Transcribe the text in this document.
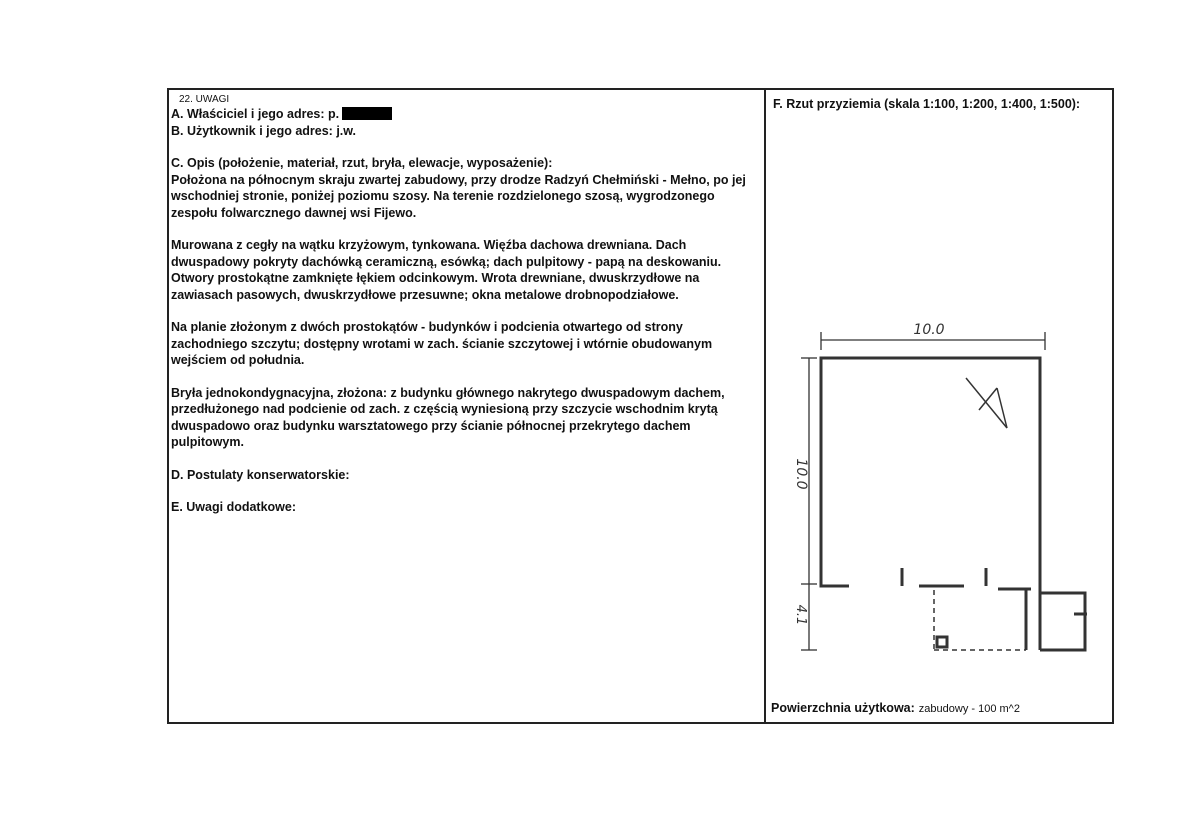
22. UWAGI

A. Właściciel i jego adres: p.

B. Użytkownik i jego adres: j.w.

C. Opis (położenie, materiał, rzut, bryła, elewacje, wyposażenie):

Położona na północnym skraju zwartej zabudowy, przy drodze Radzyń Chełmiński - Mełno, po jej wschodniej stronie, poniżej poziomu szosy. Na terenie rozdzielonego szosą, wygrodzonego zespołu folwarcznego dawnej wsi Fijewo.

Murowana z cegły na wątku krzyżowym, tynkowana. Więźba dachowa drewniana. Dach dwuspadowy pokryty dachówką ceramiczną, esówką; dach pulpitowy - papą na deskowaniu. Otwory prostokątne zamknięte łękiem odcinkowym. Wrota drewniane, dwuskrzydłowe na zawiasach pasowych, dwuskrzydłowe przesuwne; okna metalowe drobnopodziałowe.

Na planie złożonym z dwóch prostokątów - budynków i podcienia otwartego od strony zachodniego szczytu; dostępny wrotami w zach. ścianie szczytowej i wtórnie obudowanym wejściem od południa.

Bryła jednokondygnacyjna, złożona: z budynku głównego nakrytego dwuspadowym dachem, przedłużonego nad podcienie od zach. z częścią wyniesioną przy szczycie wschodnim krytą dwuspadowo oraz budynku warsztatowego przy ścianie północnej przekrytego dachem pulpitowym.

D. Postulaty konserwatorskie:

E. Uwagi dodatkowe:

F. Rzut przyziemia (skala 1:100, 1:200, 1:400, 1:500):
10.0
10.0
4.1
Powierzchnia użytkowa: zabudowy - 100 m^2
